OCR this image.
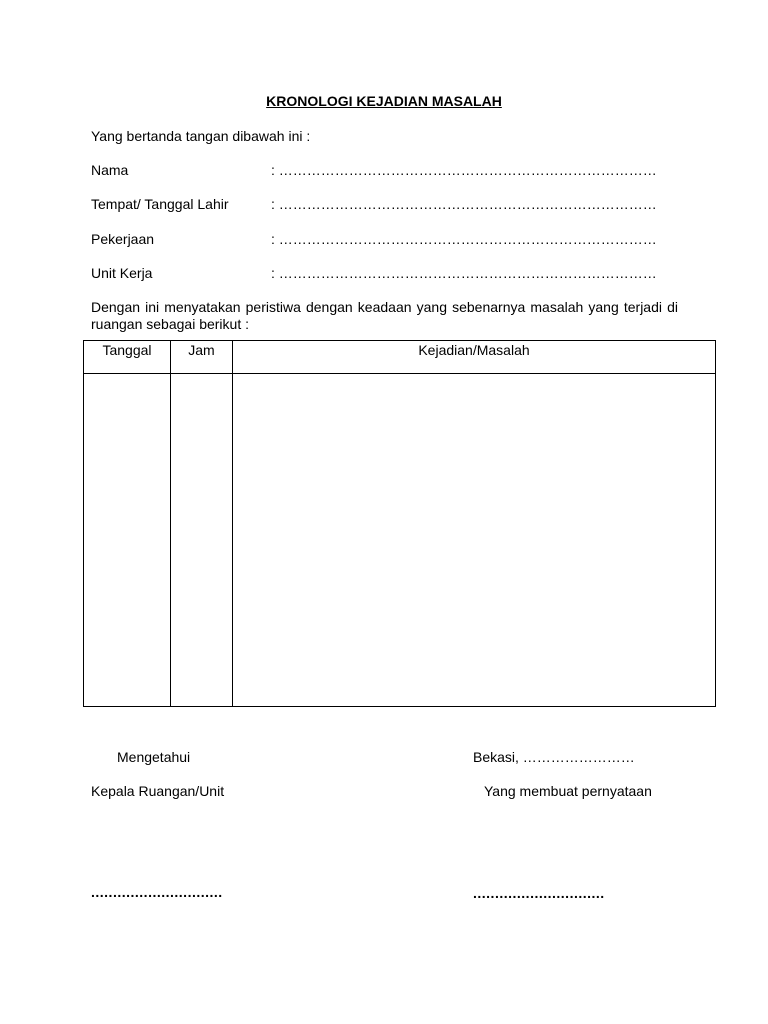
KRONOLOGI KEJADIAN MASALAH
Yang bertanda tangan dibawah ini :
Nama	: ………………………………………………………………………
Tempat/ Tanggal Lahir	: ………………………………………………………………………
Pekerjaan	: ………………………………………………………………………
Unit Kerja	: ………………………………………………………………………
Dengan ini menyatakan peristiwa dengan keadaan yang sebenarnya masalah yang terjadi di ruangan sebagai berikut :
Tanggal	Jam	Kejadian/Masalah

Mengetahui	Bekasi, ……………………
Kepala Ruangan/Unit	Yang membuat pernyataan
..............................	..............................
